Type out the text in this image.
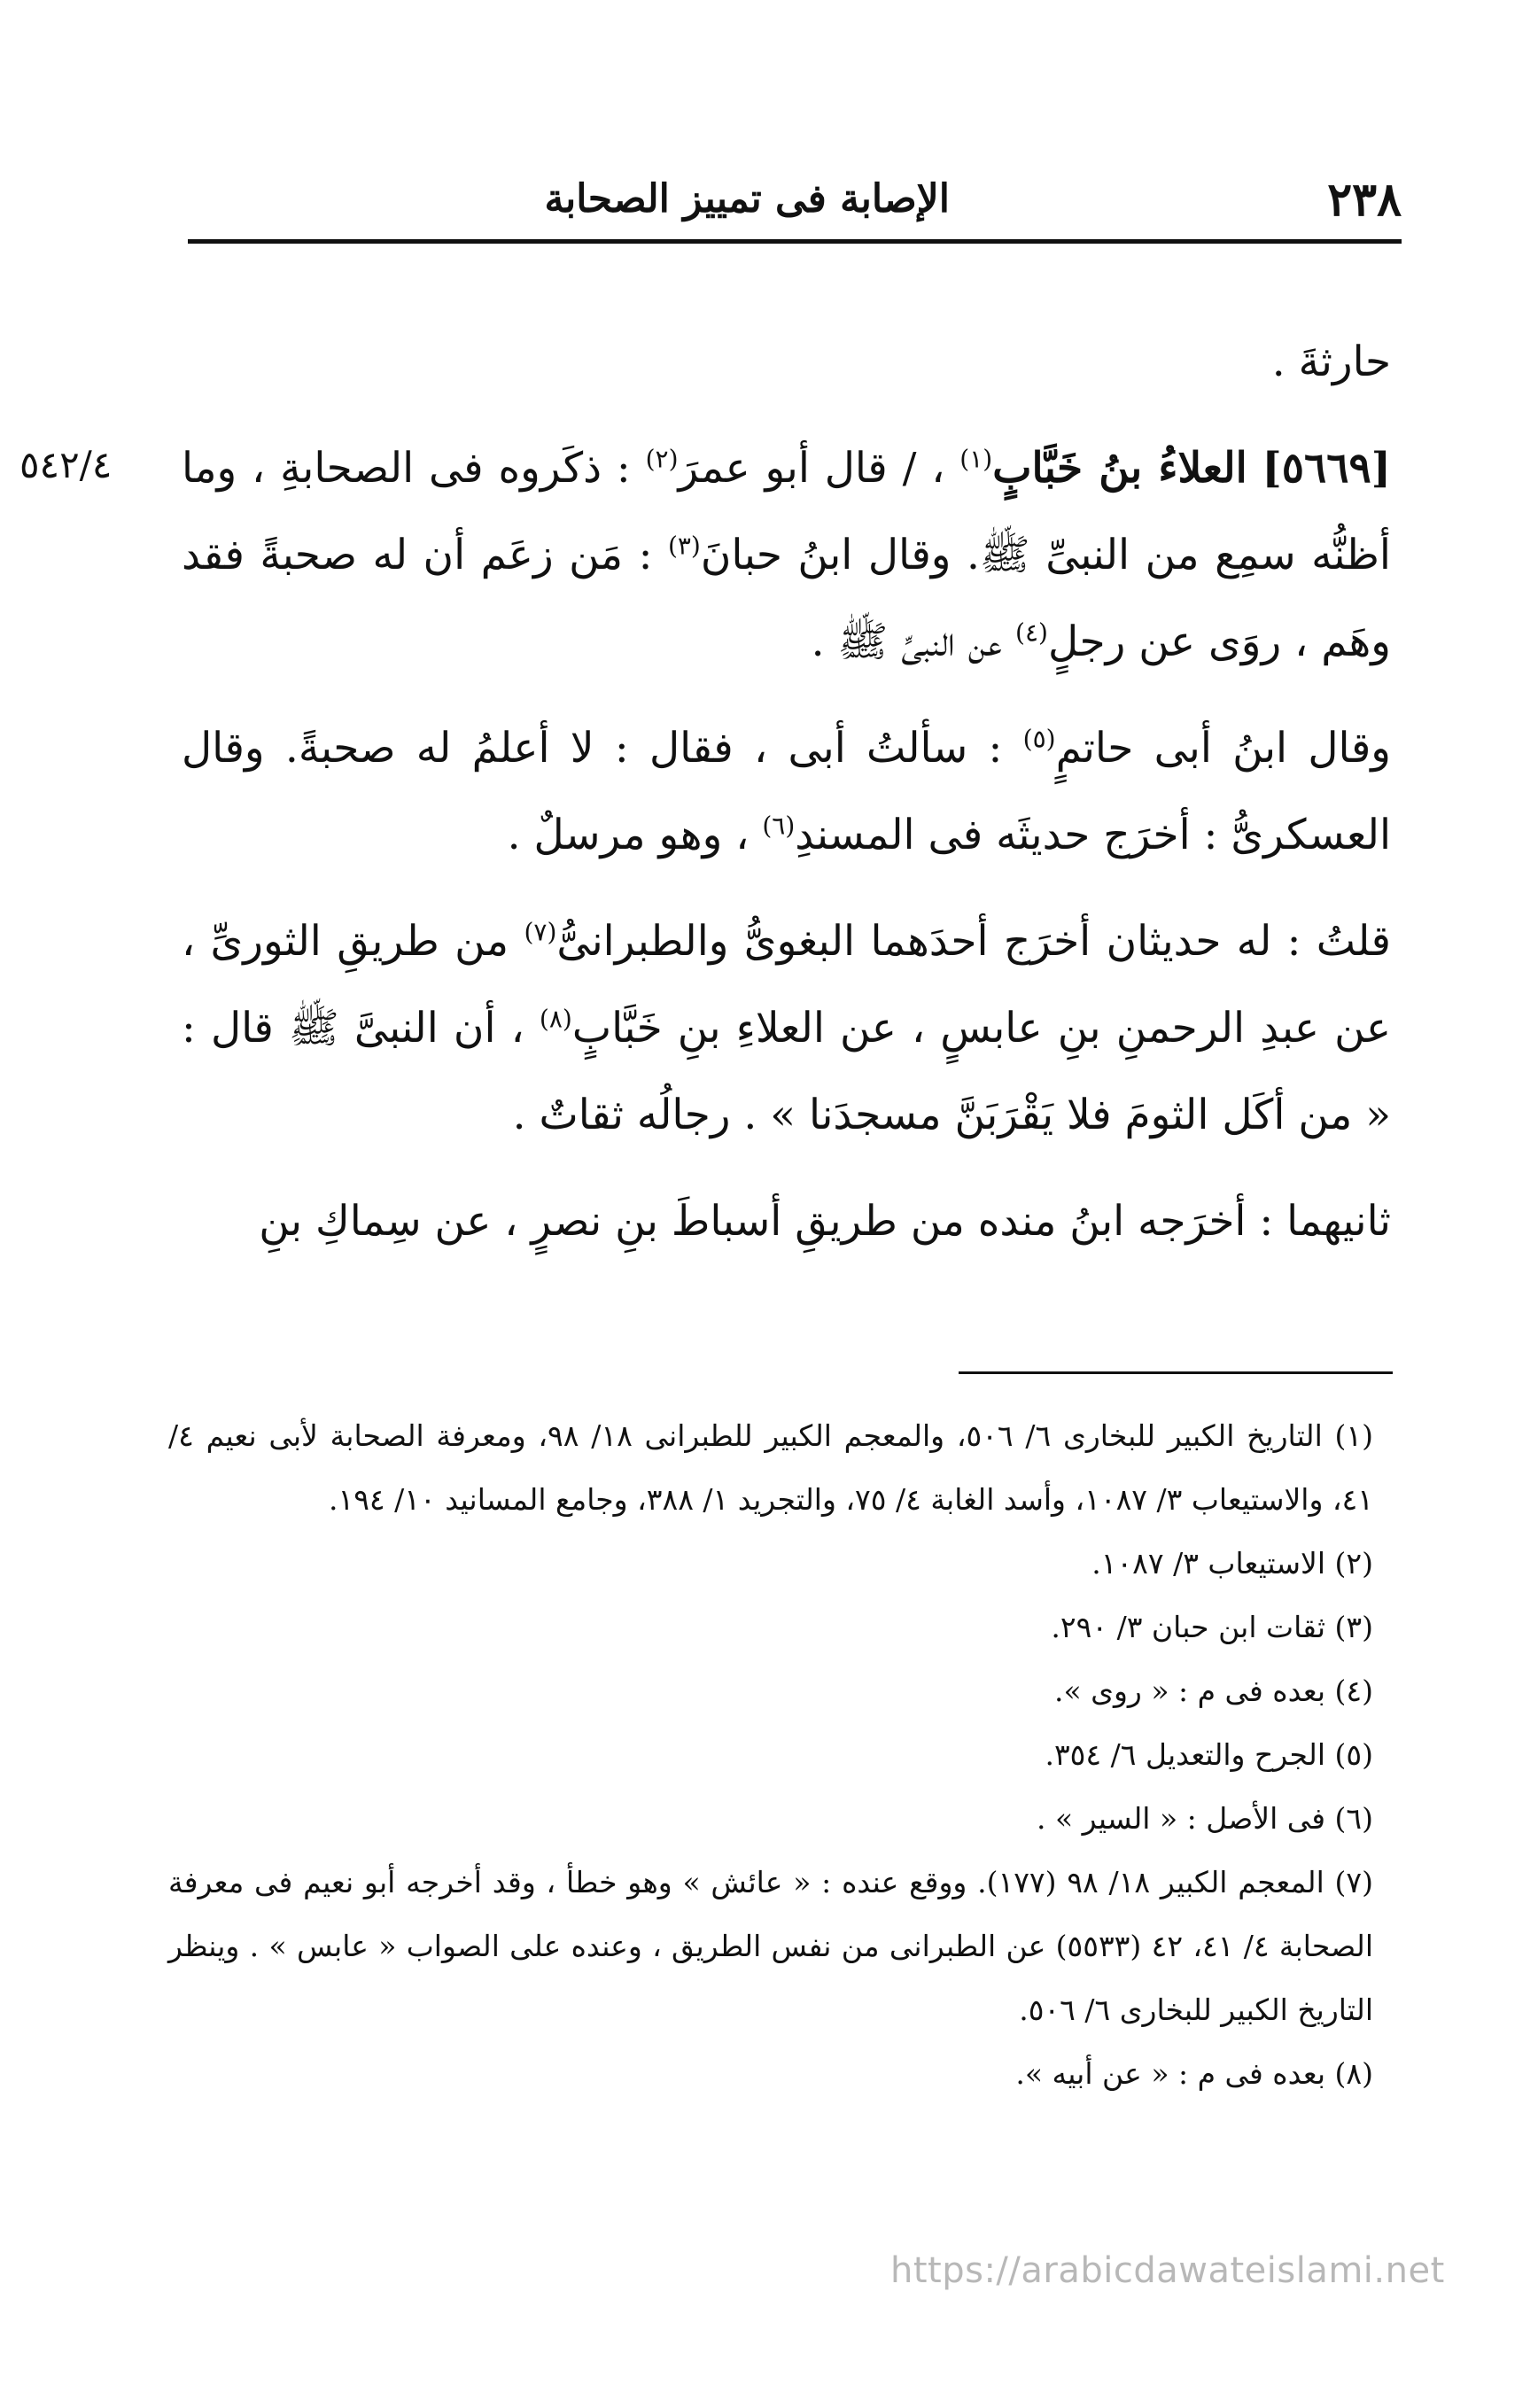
٢٣٨
الإصابة فى تمييز الصحابة
٥٤٢/٤

حارثةَ .

[٥٦٦٩] العلاءُ بنُ خَبَّابٍ$^{(١)}$ ، / قال أبو عمرَ$^{(٢)}$ : ذكَروه فى الصحابةِ ، وما أظنُّه سمِع من النبىِّ ﷺ. وقال ابنُ حبانَ$^{(٣)}$ : مَن زعَم أن له صحبةً فقد وهَم ، روَى عن رجلٍ$^{(٤)}$ عن النبىِّ ﷺ .

وقال ابنُ أبى حاتمٍ$^{(٥)}$ : سألتُ أبى ، فقال : لا أعلمُ له صحبةً. وقال العسكرىُّ : أخرَج حديثَه فى المسندِ$^{(٦)}$ ، وهو مرسلٌ .

قلتُ : له حديثان أخرَج أحدَهما البغوىُّ والطبرانىُّ$^{(٧)}$ من طريقِ الثورىِّ ، عن عبدِ الرحمنِ بنِ عابسٍ ، عن العلاءِ بنِ خَبَّابٍ$^{(٨)}$ ، أن النبىَّ ﷺ قال : « من أكَل الثومَ فلا يَقْرَبَنَّ مسجدَنا » . رجالُه ثقاتٌ .

ثانيهما : أخرَجه ابنُ منده من طريقِ أسباطَ بنِ نصرٍ ، عن سِماكِ بنِ

(١) التاريخ الكبير للبخارى ٦/ ٥٠٦، والمعجم الكبير للطبرانى ١٨/ ٩٨، ومعرفة الصحابة لأبى نعيم ٤/ ٤١، والاستيعاب ٣/ ١٠٨٧، وأسد الغابة ٤/ ٧٥، والتجريد ١/ ٣٨٨، وجامع المسانيد ١٠/ ١٩٤.

(٢) الاستيعاب ٣/ ١٠٨٧.

(٣) ثقات ابن حبان ٣/ ٢٩٠.

(٤) بعده فى م : « روى ».

(٥) الجرح والتعديل ٦/ ٣٥٤.

(٦) فى الأصل : « السير » .

(٧) المعجم الكبير ١٨/ ٩٨ (١٧٧). ووقع عنده : « عائش » وهو خطأ ، وقد أخرجه أبو نعيم فى معرفة الصحابة ٤/ ٤١، ٤٢ (٥٥٣٣) عن الطبرانى من نفس الطريق ، وعنده على الصواب « عابس » . وينظر التاريخ الكبير للبخارى ٦/ ٥٠٦.

(٨) بعده فى م : « عن أبيه ».

https://arabicdawateislami.net
